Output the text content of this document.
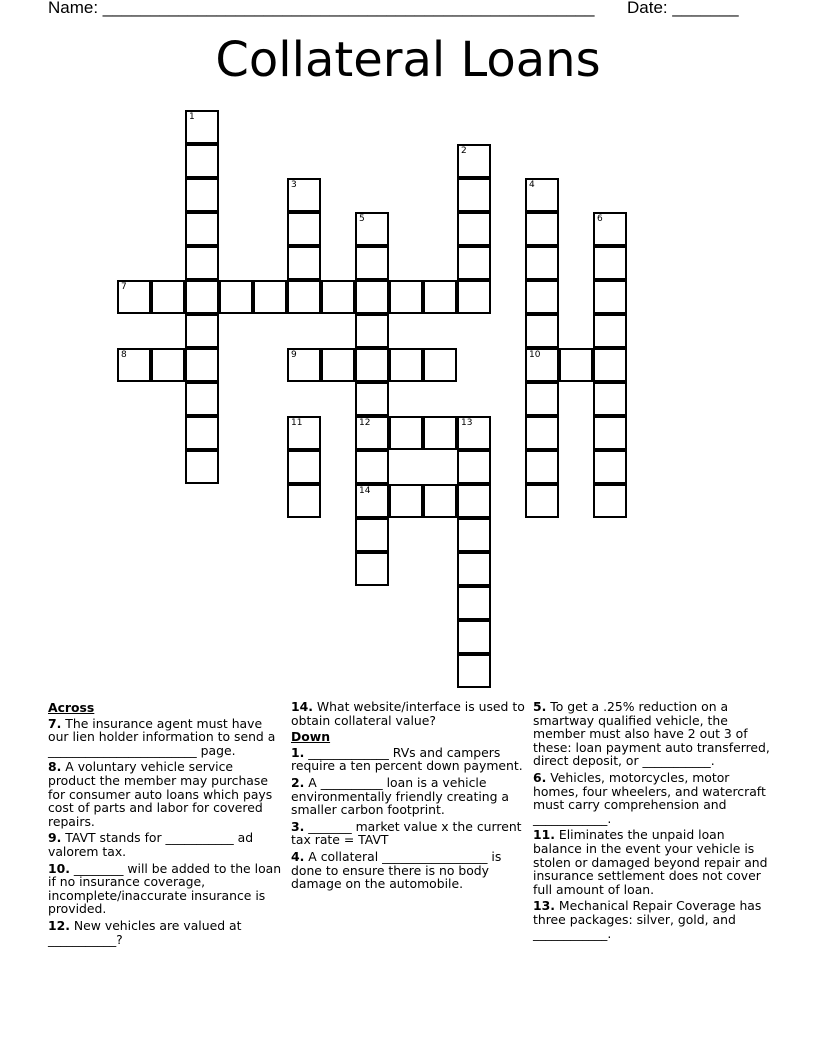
Name: ____________________________________________________ Date: _______
Collateral Loans
1
2
3	4
10
5
12
14
6
7
8	9
11	13
Across
7. The insurance agent must have our lien holder information to send a ________________________ page.
8. A voluntary vehicle service product the member may purchase for consumer auto loans which pays cost of parts and labor for covered repairs.
9. TAVT stands for ___________ ad valorem tax.
10. ________ will be added to the loan if no insurance coverage, incomplete/inaccurate insurance is provided.
12. New vehicles are valued at ___________?
14. What website/interface is used to obtain collateral value?
Down
1. _____________ RVs and campers require a ten percent down payment.
2. A __________ loan is a vehicle environmentally friendly creating a smaller carbon footprint.
3. _______ market value x the current tax rate = TAVT
4. A collateral _________________ is done to ensure there is no body damage on the automobile.
5. To get a .25% reduction on a smartway qualified vehicle, the member must also have 2 out 3 of these: loan payment auto transferred, direct deposit, or ___________.
6. Vehicles, motorcycles, motor homes, four wheelers, and watercraft must carry comprehension and ____________.
11. Eliminates the unpaid loan balance in the event your vehicle is stolen or damaged beyond repair and insurance settlement does not cover full amount of loan.
13. Mechanical Repair Coverage has three packages: silver, gold, and ____________.
